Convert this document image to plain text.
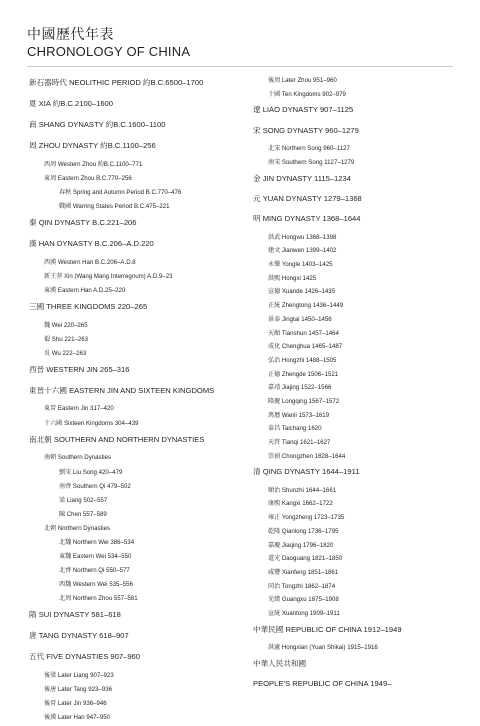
中國歷代年表
CHRONOLOGY OF CHINA
新石器時代 NEOLITHIC PERIOD 約B.C.6500–1700
夏 XIA 約B.C.2100–1600
商 SHANG DYNASTY 約B.C.1600–1100
周 ZHOU DYNASTY 約B.C.1100–256
西周 Western Zhou 約B.C.1100–771
東周 Eastern Zhou B.C.770–256
春秋 Spring and Autumn Period B.C.770–476
戰國 Warring States Period B.C.475–221
秦 QIN DYNASTY B.C.221–206
漢 HAN DYNASTY B.C.206–A.D.220
西漢 Western Han B.C.206–A.D.8
新王莽 Xin (Wang Mang Interregnum) A.D.9–23
東漢 Eastern Han A.D.25–220
三國 THREE KINGDOMS 220–265
魏 Wei 220–265
蜀 Shu 221–263
吳 Wu 222–263
西晉 WESTERN JIN 265–316
東晉十六國 EASTERN JIN AND SIXTEEN KINGDOMS
東晉 Eastern Jin 317–420
十六國 Sixteen Kingdoms 304–439
南北朝 SOUTHERN AND NORTHERN DYNASTIES
南朝 Southern Dynasties
劉宋 Liu Song 420–479
南齊 Southern Qi 479–502
梁 Liang 502–557
陳 Chen 557–589
北朝 Northern Dynasties
北魏 Northern Wei 386–534
東魏 Eastern Wei 534–550
北齊 Northern Qi 550–577
西魏 Western Wei 535–556
北周 Northern Zhou 557–581
隋 SUI DYNASTY 581–618
唐 TANG DYNASTY 618–907
五代 FIVE DYNASTIES 907–960
後梁 Later Liang 907–923
後唐 Later Tang 923–936
後晉 Later Jin 936–946
後漢 Later Han 947–950
後周 Later Zhou 951–960
十國 Ten Kingdoms 902–979
遼 LIAO DYNASTY 907–1125
宋 SONG DYNASTY 960–1279
北宋 Northern Song 960–1127
南宋 Southern Song 1127–1279
金 JIN DYNASTY 1115–1234
元 YUAN DYNASTY 1279–1368
明 MING DYNASTY 1368–1644
洪武 Hongwu 1368–1398
建文 Jianwen 1399–1402
永樂 Yongle 1403–1425
洪熙 Hongxi 1425
宣德 Xuande 1426–1435
正統 Zhengtong 1436–1449
景泰 Jingtai 1450–1456
天順 Tianshun 1457–1464
成化 Chenghua 1465–1487
弘治 Hongzhi 1488–1505
正德 Zhengde 1506–1521
嘉靖 Jiajing 1522–1566
隆慶 Longqing 1567–1572
萬曆 Wanli 1573–1619
泰昌 Taichang 1620
天啓 Tianqi 1621–1627
崇禎 Chongzhen 1628–1644
清 QING DYNASTY 1644–1911
順治 Shunzhi 1644–1661
康熙 Kangxi 1662–1722
雍正 Yongzheng 1723–1735
乾隆 Qianlong 1736–1795
嘉慶 Jiaqing 1796–1820
道光 Daoguang 1821–1850
咸豐 Xianfeng 1851–1861
同治 Tongzhi 1862–1874
光緒 Guangxu 1875–1908
宣統 Xuantong 1909–1911
中華民國 REPUBLIC OF CHINA 1912–1949
洪憲 Hongxian (Yuan Shikai) 1915–1916
中華人民共和國
PEOPLE’S REPUBLIC OF CHINA 1949–
